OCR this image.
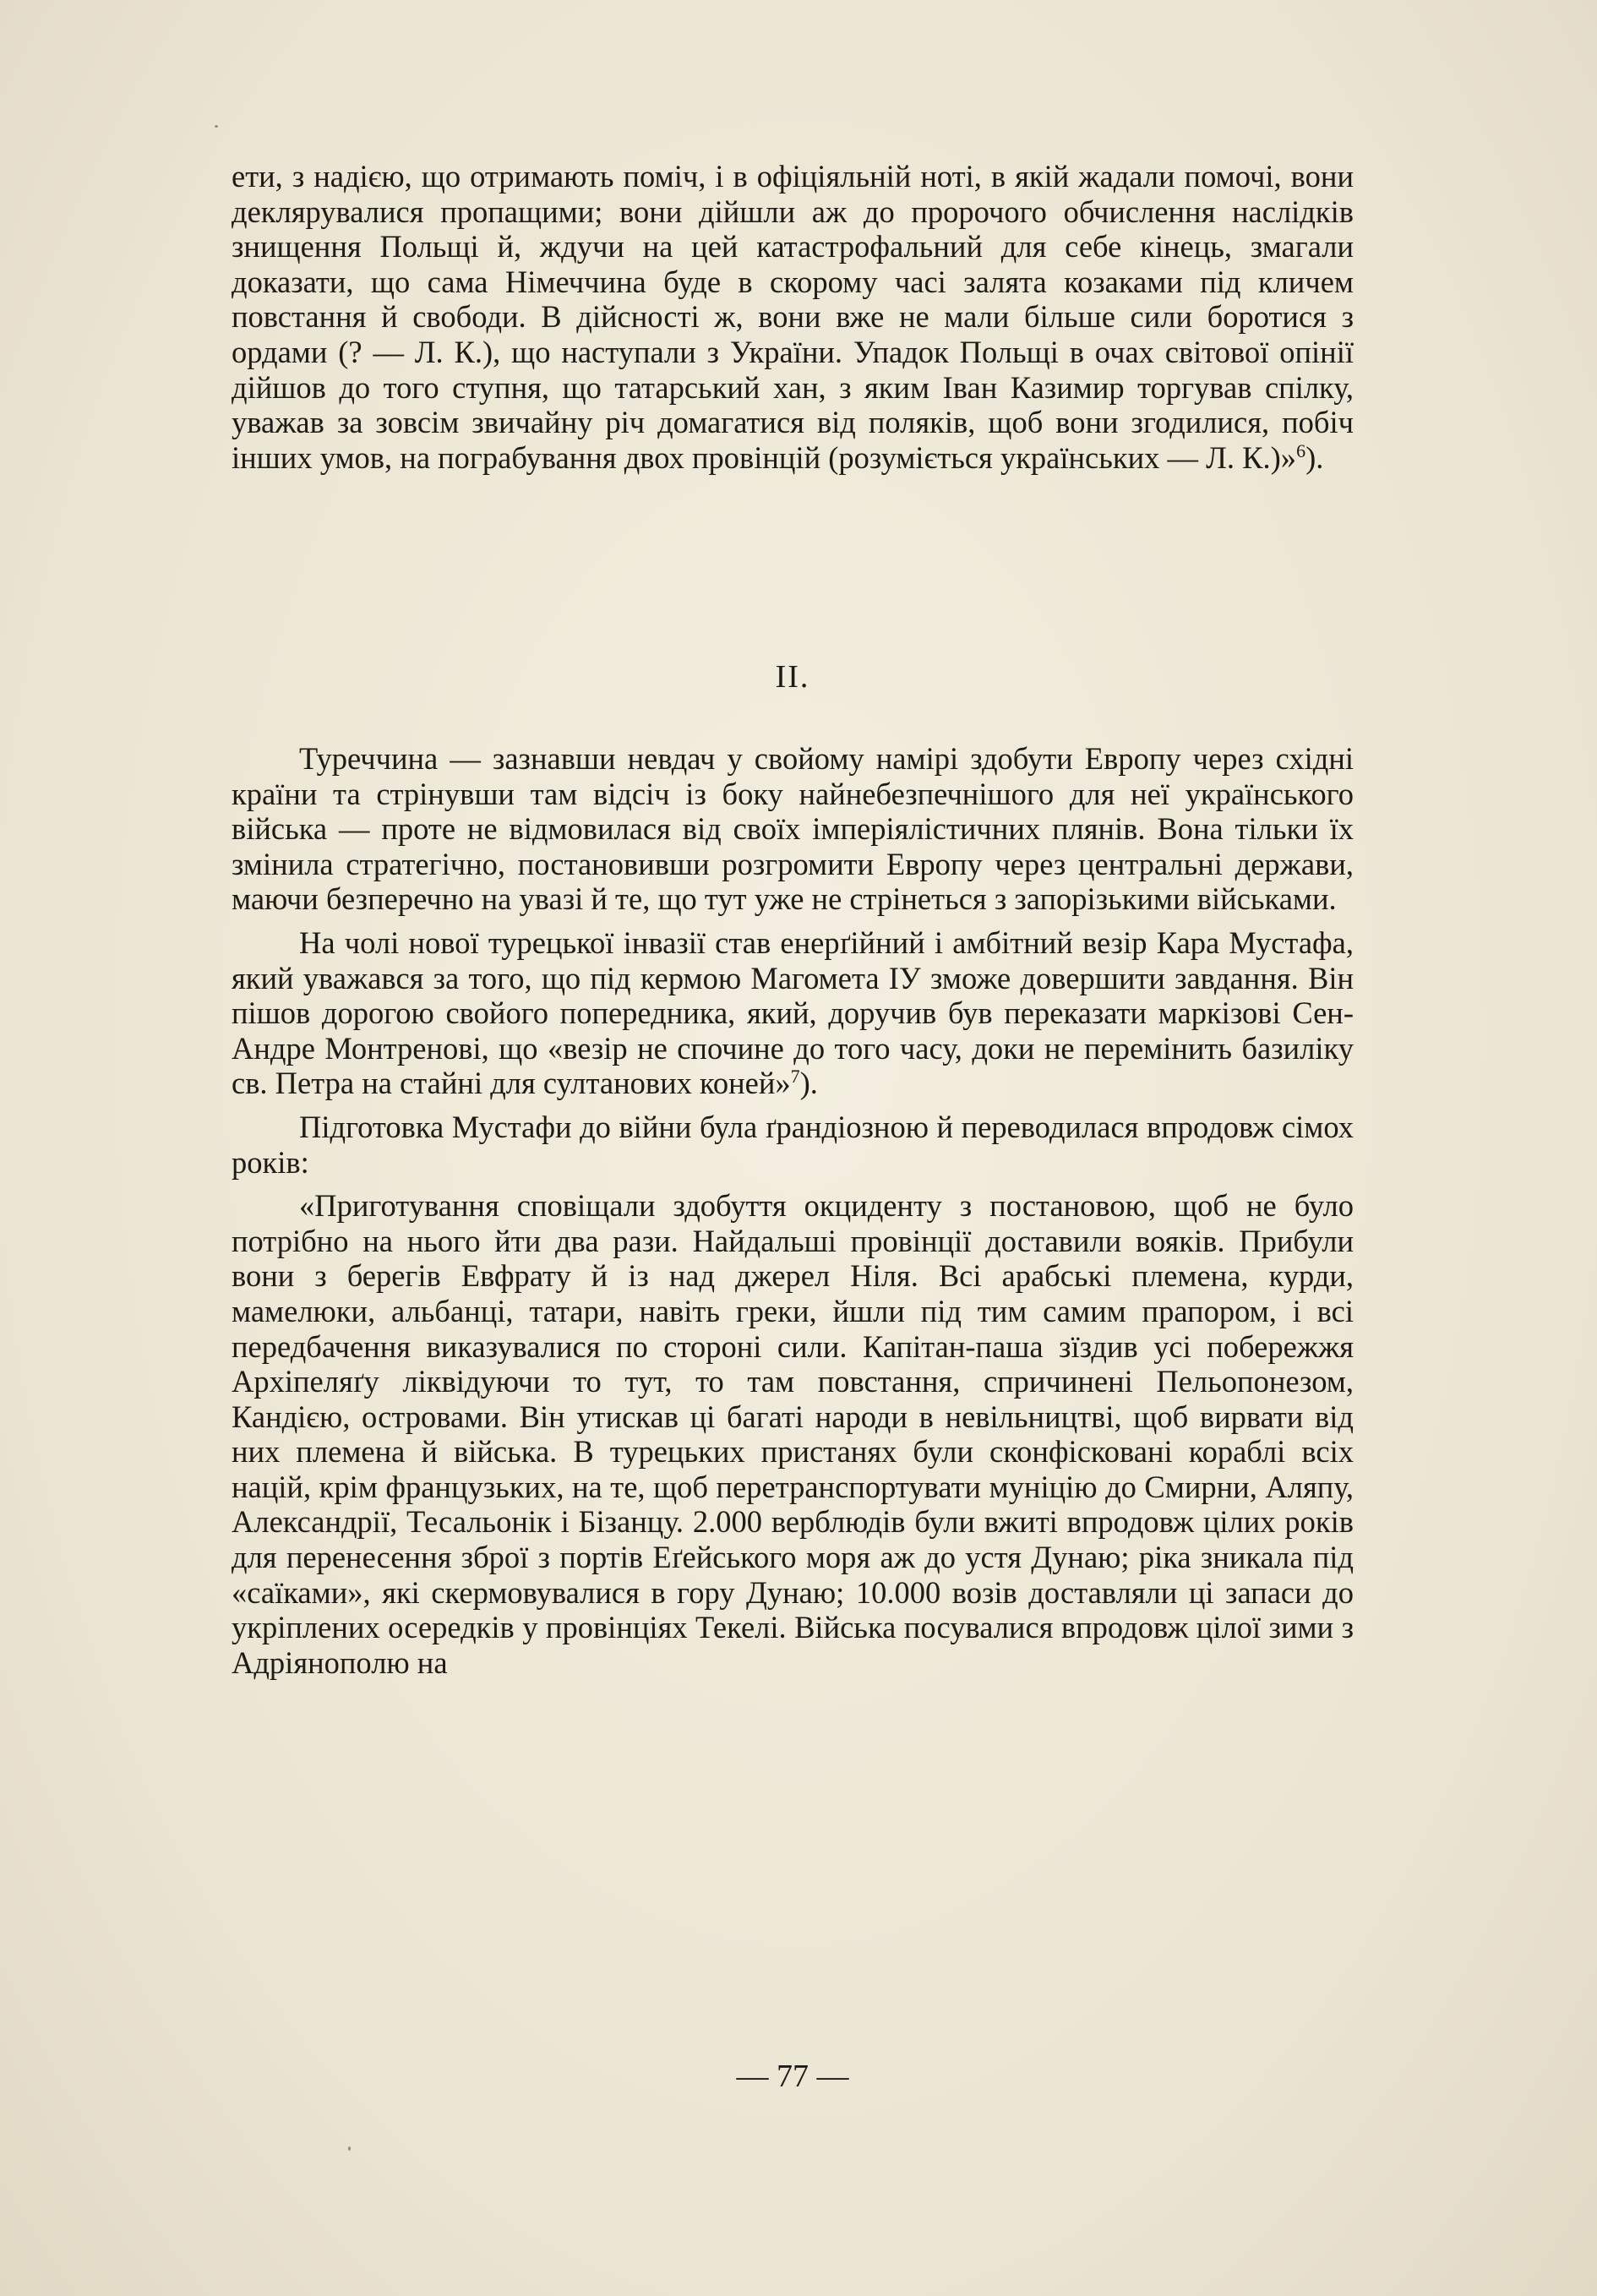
ети, з надією, що отримають поміч, і в офіціяльній ноті, в якій жадали помочі, вони деклярувалися пропащими; вони дійшли аж до пророчого обчислення наслідків знищення Польщі й, ждучи на цей катастрофальний для себе кінець, змагали доказати, що сама Німеччина буде в скорому часі залята козаками під кличем повстання й свободи. В дійсності ж, вони вже не мали більше сили боротися з ордами (? — Л. К.), що наступали з України. Упадок Польщі в очах світової опінії дійшов до того ступня, що татарський хан, з яким Іван Казимир торгував спілку, уважав за зовсім звичайну річ домагатися від поляків, щоб вони згодилися, побіч інших умов, на пограбування двох провінцій (розуміється українських — Л. К.)»$^6$).

II.

Туреччина — зазнавши невдач у свойому намірі здобути Европу через східні країни та стрінувши там відсіч із боку найнебезпечнішого для неї українського війська — проте не відмовилася від своїх імперіялістичних плянів. Вона тільки їх змінила стратегічно, постановивши розгромити Европу через центральні держави, маючи безперечно на увазі й те, що тут уже не стрінеться з запорізькими військами.

На чолі нової турецької інвазії став енерґійний і амбітний везір Кара Мустафа, який уважався за того, що під кермою Магомета IУ зможе довершити завдання. Він пішов дорогою свойого попередника, який, доручив був переказати маркізові Сен-Андре Монтренові, що «везір не спочине до того часу, доки не перемінить базиліку св. Петра на стайні для султанових коней»$^7$).

Підготовка Мустафи до війни була ґрандіозною й переводилася впродовж сімох років:

«Приготування сповіщали здобуття окциденту з постановою, щоб не було потрібно на нього йти два рази. Найдальші провінції доставили вояків. Прибули вони з берегів Евфрату й із над джерел Ніля. Всі арабські племена, курди, мамелюки, альбанці, татари, навіть греки, йшли під тим самим прапором, і всі передбачення виказувалися по стороні сили. Капітан-паша зїздив усі побережжя Архіпеляґу ліквідуючи то тут, то там повстання, спричинені Пельопонезом, Кандією, островами. Він утискав ці багаті народи в невільництві, щоб вирвати від них племена й війська. В турецьких пристанях були сконфісковані кораблі всіх націй, крім французьких, на те, щоб перетранспортувати муніцію до Смирни, Аляпу, Александрії, Тесальонік і Бізанцу. 2.000 верблюдів були вжиті впродовж цілих років для перенесення зброї з портів Еґейського моря аж до устя Дунаю; ріка зникала під «саїками», які скермовувалися в гору Дунаю; 10.000 возів доставляли ці запаси до укріплених осередків у провінціях Текелі. Війська посувалися впродовж цілої зими з Адріянополю на

— 77 —
